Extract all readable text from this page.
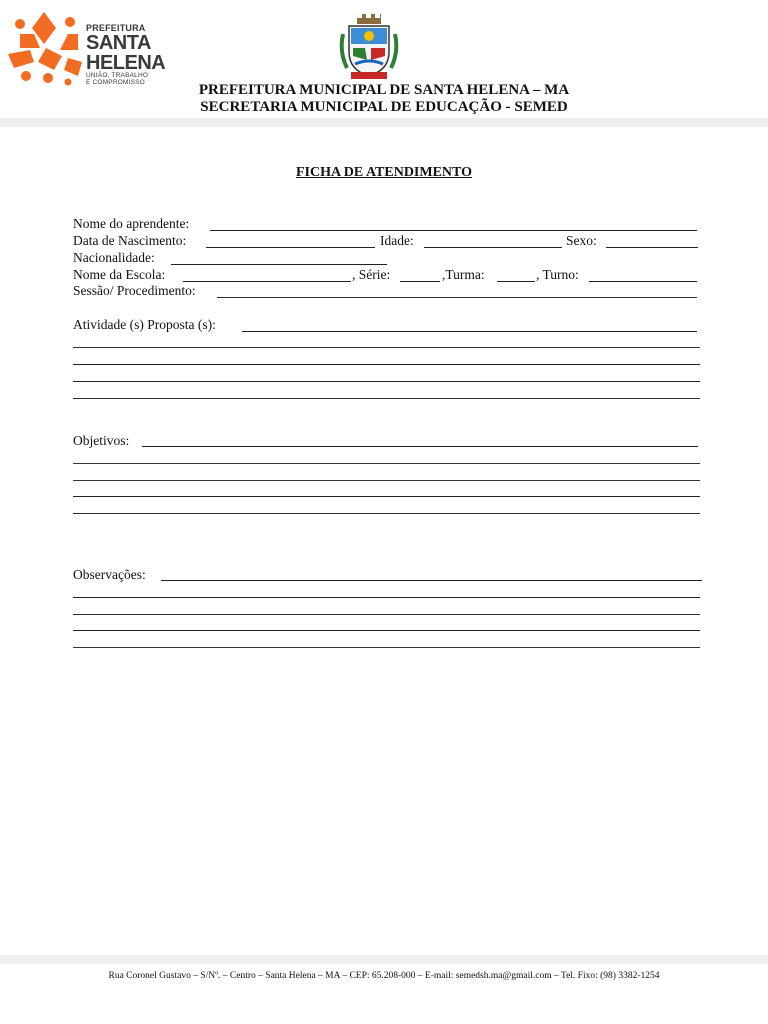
PREFEITURA
SANTA
HELENA
UNIÃO, TRABALHO
E COMPROMISSO	PREFEITURA MUNICIPAL DE SANTA HELENA – MA
SECRETARIA MUNICIPAL DE EDUCAÇÃO - SEMED
FICHA DE ATENDIMENTO
Nome do aprendente:
Data de Nascimento:	Idade:	Sexo:
Nacionalidade:
Nome da Escola:	, Série:	,Turma:	, Turno:
Sessão/ Procedimento:
Atividade (s) Proposta (s):
Objetivos:
Observações:
Rua Coronel Gustavo – S/Nº. – Centro – Santa Helena – MA – CEP: 65.208-000 – E-mail: semedsh.ma@gmail.com – Tel. Fixo: (98) 3382-1254
